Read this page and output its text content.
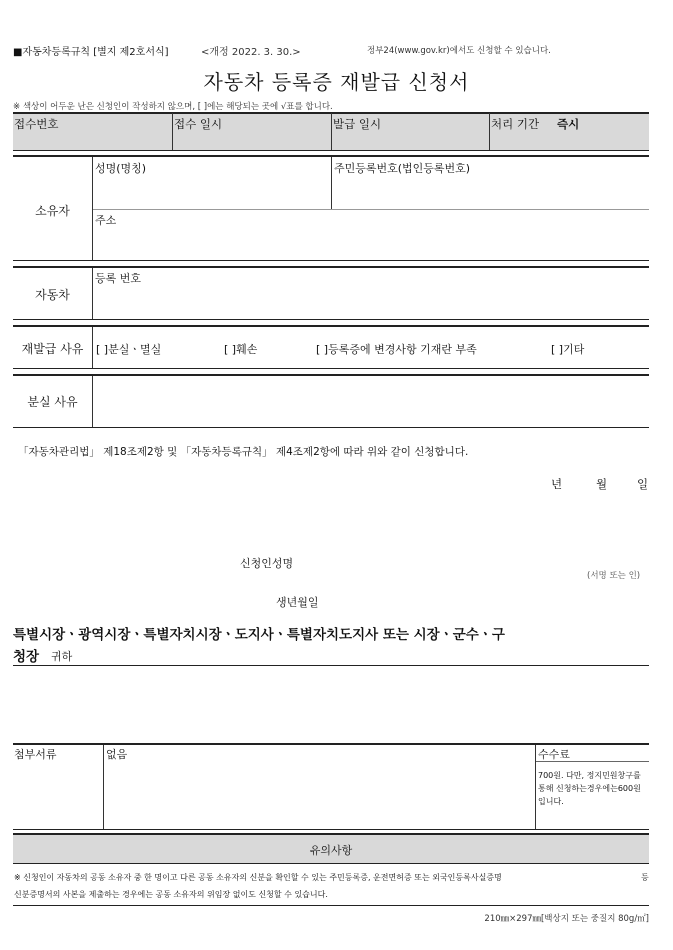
■자동차등록규칙 [별지 제2호서식]	<개정 2022. 3. 30.>	정부24(www.gov.kr)에서도 신청할 수 있습니다.
자동차 등록증 재발급 신청서
※ 색상이 어두운 난은 신청인이 작성하지 않으며, [ ]에는 해당되는 곳에 √표를 합니다.
접수번호	접수 일시	발급 일시	처리 기간 즉시
소유자
성명(명칭)	주민등록번호(법인등록번호)
주소
자동차
등록 번호
재발급 사유	[ ]분실ㆍ멸실	[ ]훼손	[ ]등록증에 변경사항 기재란 부족	[ ]기타
분실 사유
「자동차관리법」 제18조제2항 및 「자동차등록규칙」 제4조제2항에 따라 위와 같이 신청합니다.
년	월	일
신청인성명
(서명 또는 인)
생년월일
특별시장ㆍ광역시장ㆍ특별자치시장ㆍ도지사ㆍ특별자치도지사 또는 시장ㆍ군수ㆍ구
청장 귀하
첨부서류	없음	수수료
700원. 다만, 정지민원창구를
통해 신청하는경우에는600원
입니다.
유의사항
※ 신청인이 자동차의 공동 소유자 중 한 명이고 다른 공동 소유자의 신분을 확인할 수 있는 주민등록증, 운전면허증 또는 외국인등록사실증명	등
신분증명서의 사본을 제출하는 경우에는 공동 소유자의 위임장 없이도 신청할 수 있습니다.
210㎜×297㎜[백상지 또는 중질지 80g/㎡]
